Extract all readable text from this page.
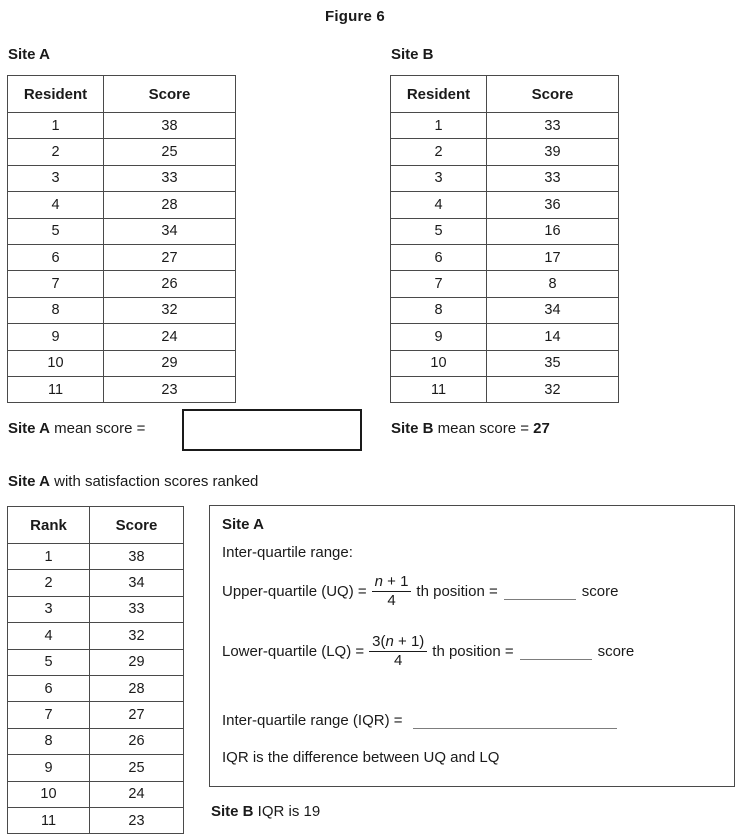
Figure 6
Site A
Resident	Score
1	38
2	25
3	33
4	28
5	34
6	27
7	26
8	32
9	24
10	29
11	23
Site B
Resident	Score
1	33
2	39
3	33
4	36
5	16
6	17
7	8
8	34
9	14
10	35
11	32
Site A mean score =	Site B mean score = 27
Site A with satisfaction scores ranked
Rank	Score
1	38
2	34
3	33
4	32
5	29
6	28
7	27
8	26
9	25
10	24
11	23
Site A
Inter-quartile range:
Upper-quartile $(UQ) = \frac{n + 1}{4}$ th position =	score
Lower-quartile $(LQ) = \frac{3(n + 1)}{4}$ th position =	score
Inter-quartile range (IQR) =
IQR is the difference between UQ and LQ
Site B IQR is 19
